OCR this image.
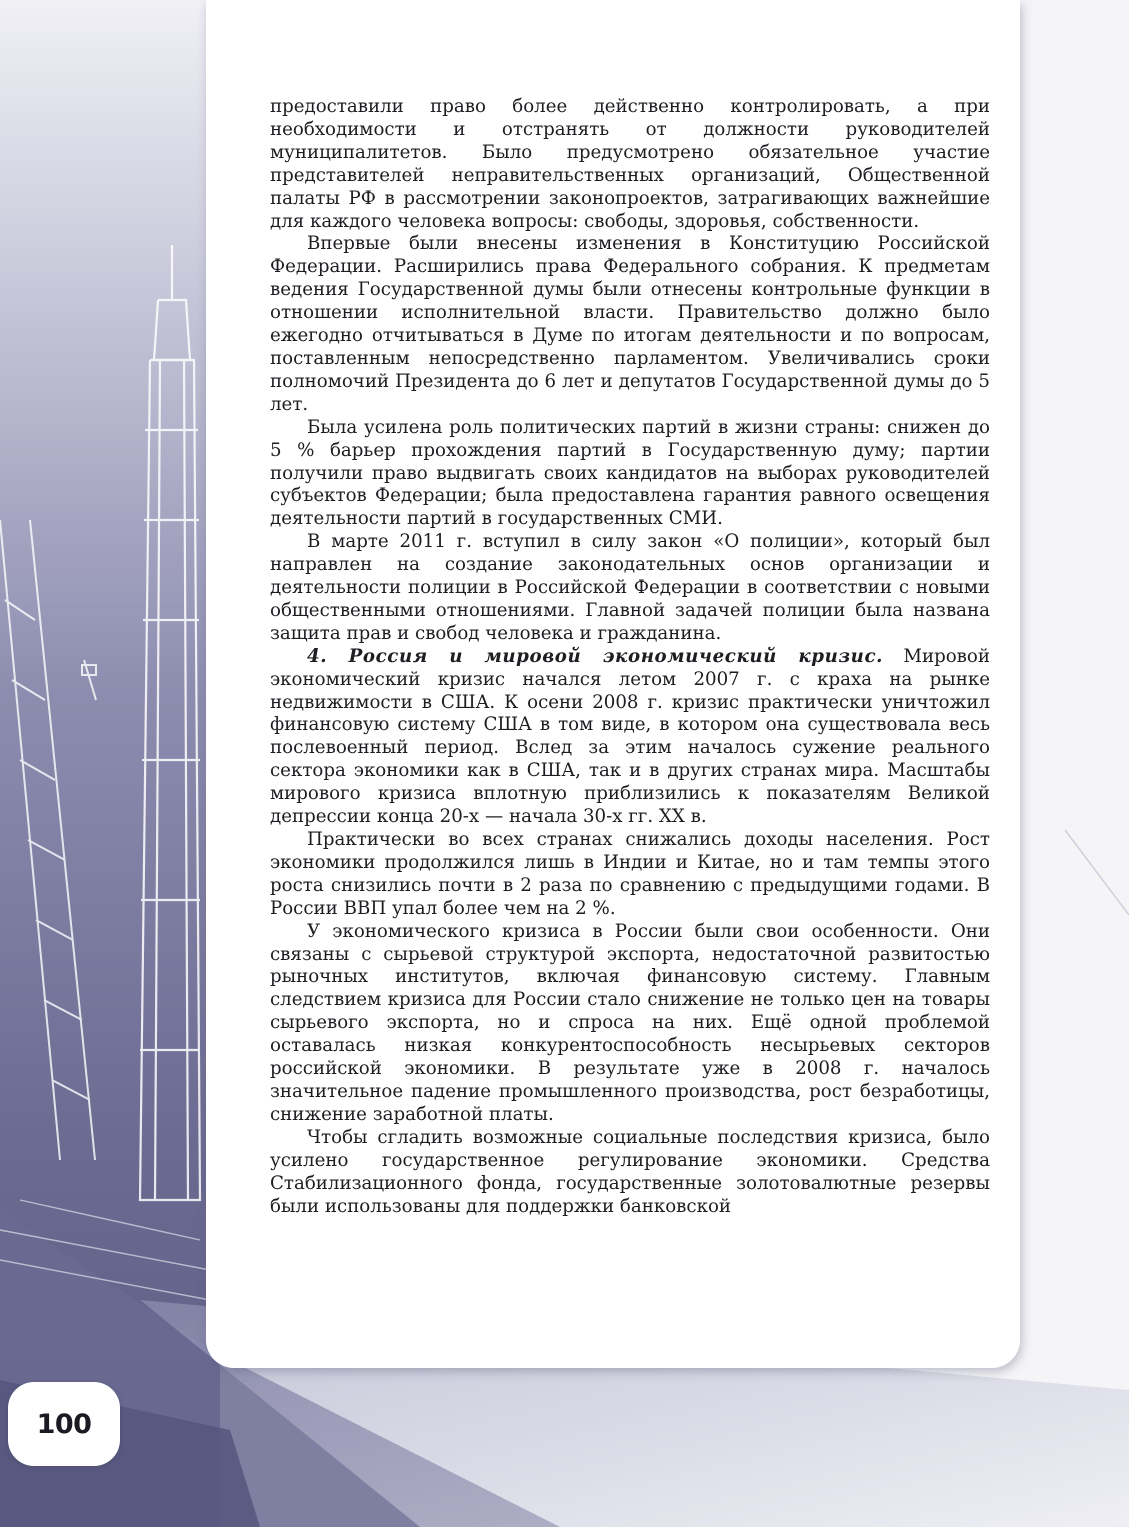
предоставили право более действенно контролировать, а при необходимости и отстранять от должности руководителей муниципалитетов. Было предусмотрено обязательное участие представителей неправительственных организаций, Общественной палаты РФ в рассмотрении законопроектов, затрагивающих важнейшие для каждого человека вопросы: свободы, здоровья, собственности.

Впервые были внесены изменения в Конституцию Российской Федерации. Расширились права Федерального собрания. К предметам ведения Государственной думы были отнесены контрольные функции в отношении исполнительной власти. Правительство должно было ежегодно отчитываться в Думе по итогам деятельности и по вопросам, поставленным непосредственно парламентом. Увеличивались сроки полномочий Президента до 6 лет и депутатов Государственной думы до 5 лет.

Была усилена роль политических партий в жизни страны: снижен до 5 % барьер прохождения партий в Государственную думу; партии получили право выдвигать своих кандидатов на выборах руководителей субъектов Федерации; была предоставлена гарантия равного освещения деятельности партий в государственных СМИ.

В марте 2011 г. вступил в силу закон «О полиции», который был направлен на создание законодательных основ организации и деятельности полиции в Российской Федерации в соответствии с новыми общественными отношениями. Главной задачей полиции была названа защита прав и свобод человека и гражданина.

4. Россия и мировой экономический кризис. Мировой экономический кризис начался летом 2007 г. с краха на рынке недвижимости в США. К осени 2008 г. кризис практически уничтожил финансовую систему США в том виде, в котором она существовала весь послевоенный период. Вслед за этим началось сужение реального сектора экономики как в США, так и в других странах мира. Масштабы мирового кризиса вплотную приблизились к показателям Великой депрессии конца 20-х — начала 30-х гг. XX в.

Практически во всех странах снижались доходы населения. Рост экономики продолжился лишь в Индии и Китае, но и там темпы этого роста снизились почти в 2 раза по сравнению с предыдущими годами. В России ВВП упал более чем на 2 %.

У экономического кризиса в России были свои особенности. Они связаны с сырьевой структурой экспорта, недостаточной развитостью рыночных институтов, включая финансовую систему. Главным следствием кризиса для России стало снижение не только цен на товары сырьевого экспорта, но и спроса на них. Ещё одной проблемой оставалась низкая конкурентоспособность несырьевых секторов российской экономики. В результате уже в 2008 г. началось значительное падение промышленного производства, рост безработицы, снижение заработной платы.

Чтобы сгладить возможные социальные последствия кризиса, было усилено государственное регулирование экономики. Средства Стабилизационного фонда, государственные золотовалютные резервы были использованы для поддержки банковской

100
